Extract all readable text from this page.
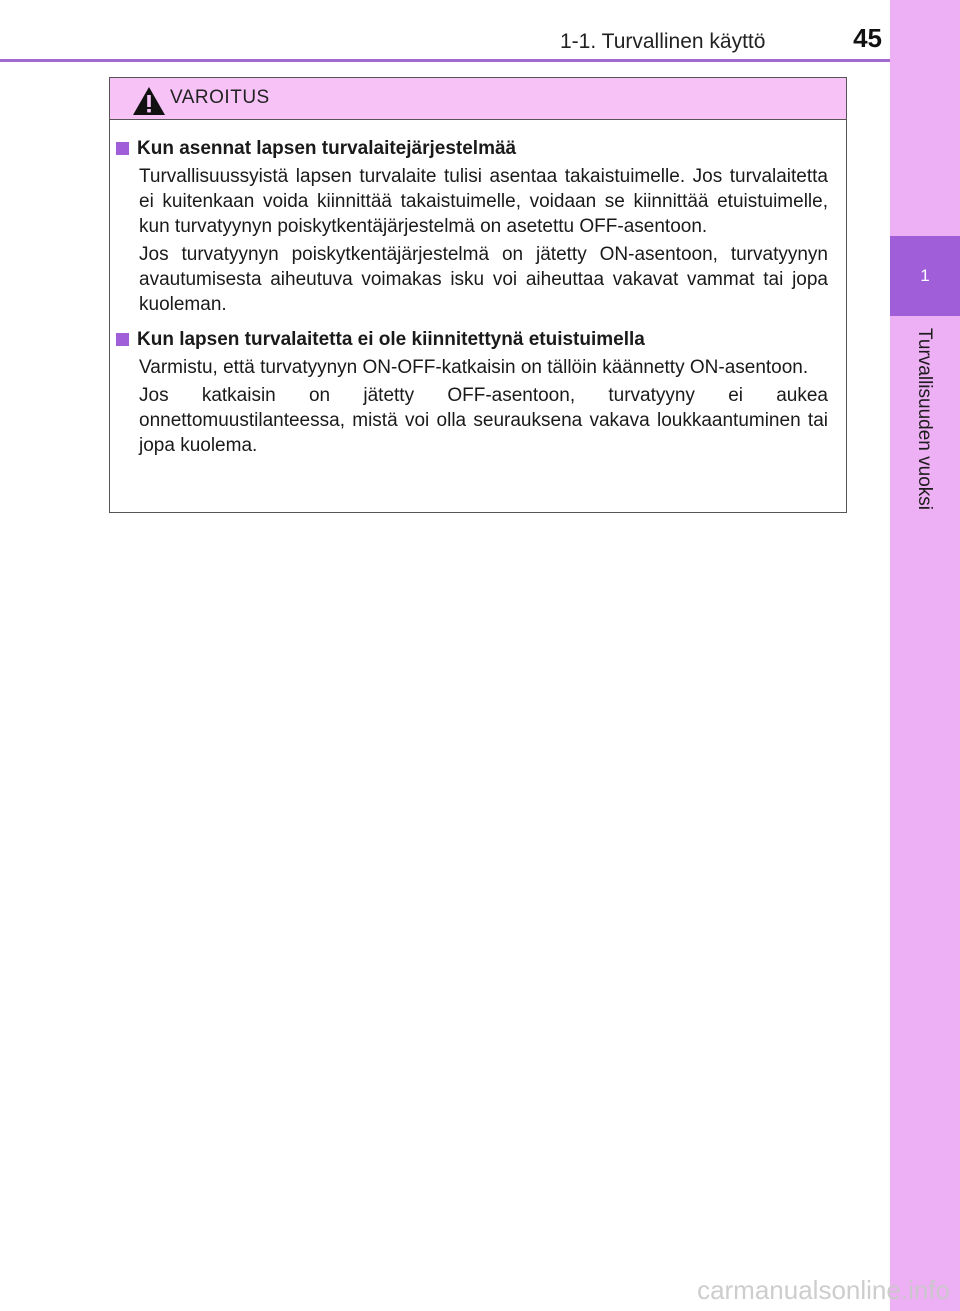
1-1. Turvallinen käyttö	45
1
Turvallisuuden vuoksi
VAROITUS

Kun asennat lapsen turvalaitejärjestelmää

Turvallisuussyistä lapsen turvalaite tulisi asentaa takaistuimelle. Jos turvalaitetta ei kuitenkaan voida kiinnittää takaistuimelle, voidaan se kiinnittää etuistuimelle, kun turvatyynyn poiskytkentäjärjestelmä on asetettu OFF-asentoon.

Jos turvatyynyn poiskytkentäjärjestelmä on jätetty ON-asentoon, turvatyynyn avautumisesta aiheutuva voimakas isku voi aiheuttaa vakavat vammat tai jopa kuoleman.

Kun lapsen turvalaitetta ei ole kiinnitettynä etuistuimella

Varmistu, että turvatyynyn ON-OFF-katkaisin on tällöin käännetty ON-asentoon.

Jos katkaisin on jätetty OFF-asentoon, turvatyyny ei aukea onnettomuustilanteessa, mistä voi olla seurauksena vakava loukkaantuminen tai jopa kuolema.

carmanualsonline.info
